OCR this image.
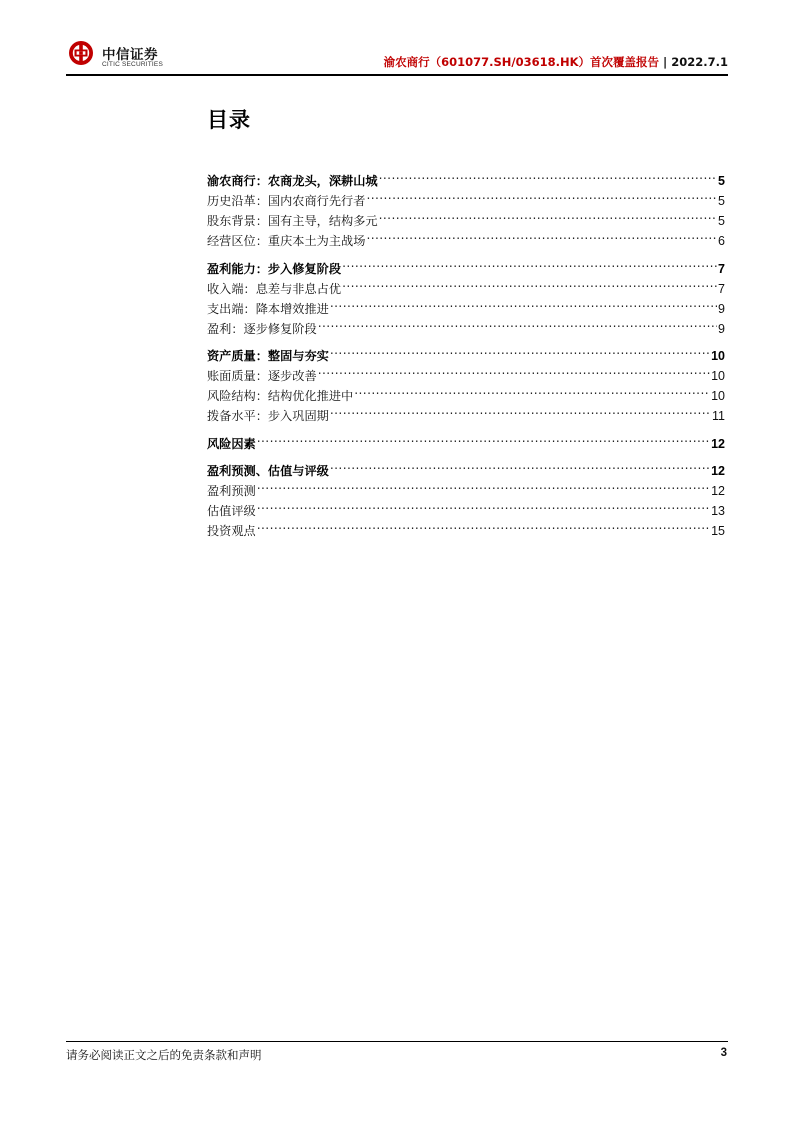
中信证券
CITIC SECURITIES	渝农商行（601077.SH/03618.HK）首次覆盖报告 | 2022.7.1
目录
渝农商行：农商龙头，深耕山城 .....	5
历史沿革：国内农商行先行者 .....	5
股东背景：国有主导，结构多元 .....	5
经营区位：重庆本土为主战场 .....	6
盈利能力：步入修复阶段 .....	7
收入端：息差与非息占优 .....	7
支出端：降本增效推进 .....	9
盈利：逐步修复阶段 .....	9
资产质量：整固与夯实 .....	10
账面质量：逐步改善 .....	10
风险结构：结构优化推进中 .....	10
拨备水平：步入巩固期 .....	11
风险因素 .....	12
盈利预测、估值与评级 .....	12
盈利预测 .....	12
估值评级 .....	13
投资观点 .....	15
请务必阅读正文之后的免责条款和声明	3
